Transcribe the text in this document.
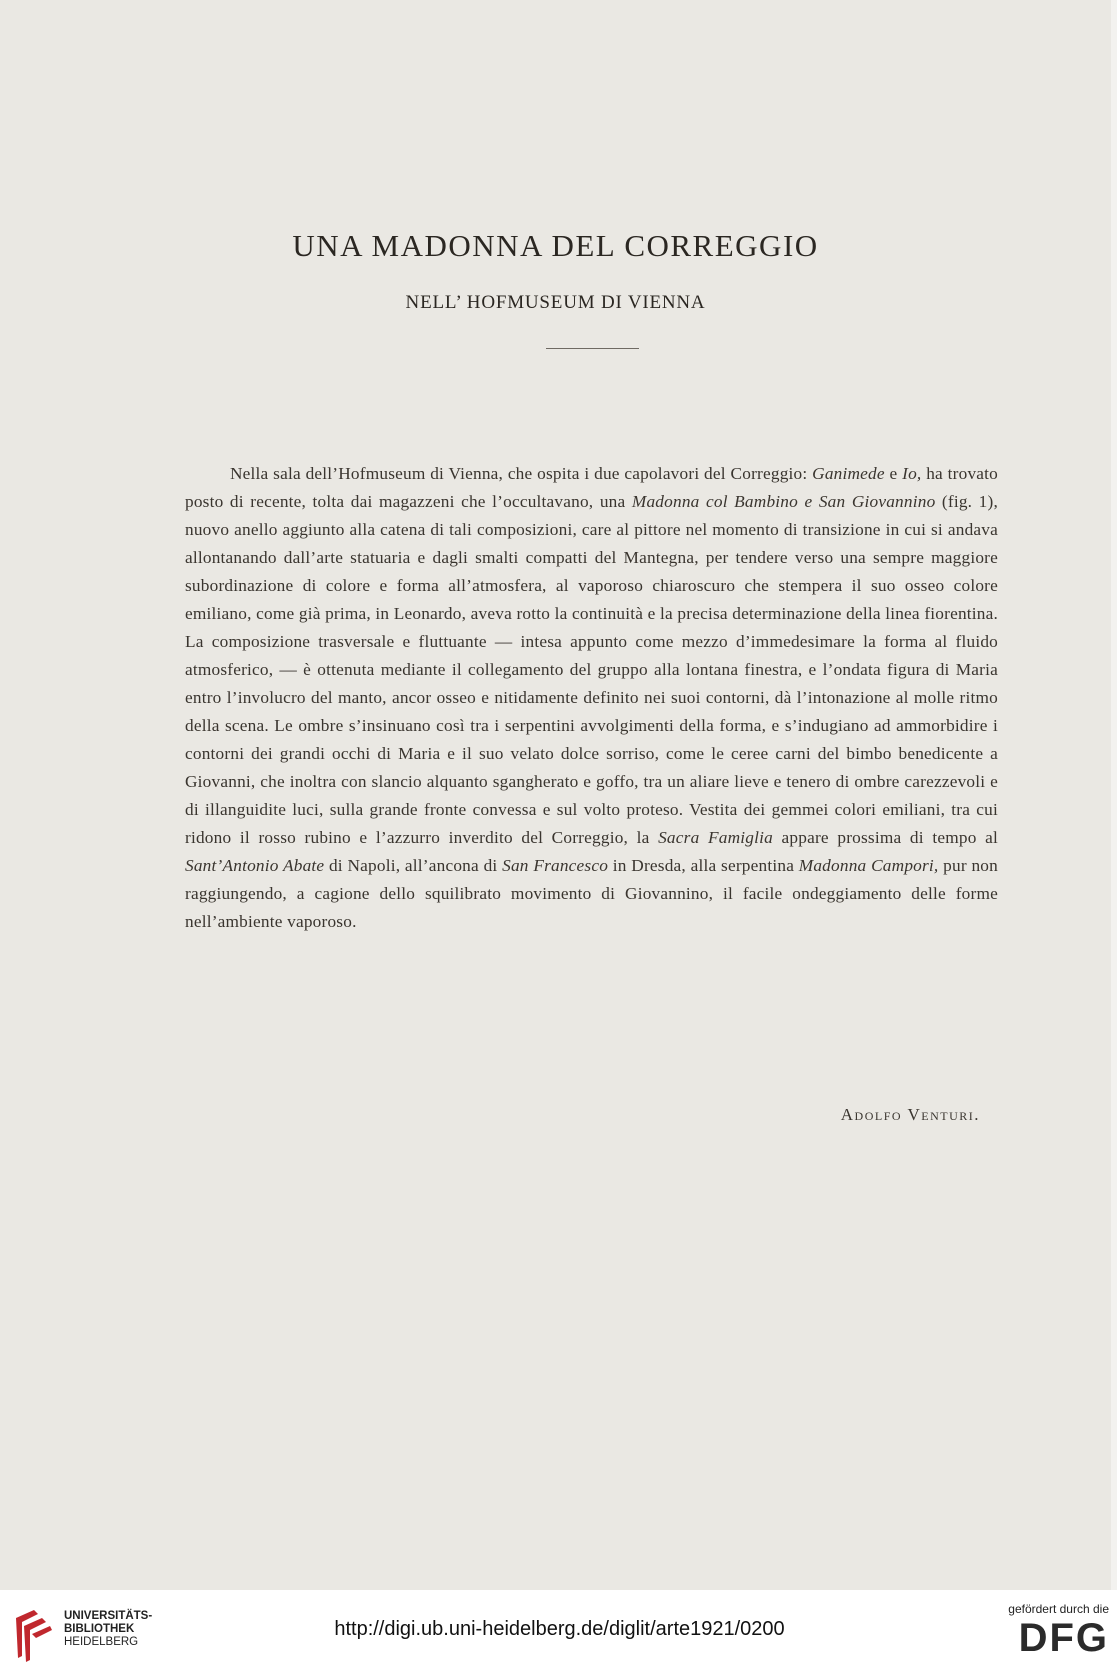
UNA MADONNA DEL CORREGGIO
NELL’ HOFMUSEUM DI VIENNA

Nella sala dell’Hofmuseum di Vienna, che ospita i due capolavori del Correggio: Ganimede e Io, ha trovato posto di recente, tolta dai magazzeni che l’occultavano, una Madonna col Bambino e San Giovannino (fig. 1), nuovo anello aggiunto alla catena di tali composizioni, care al pittore nel momento di transizione in cui si andava allontanando dall’arte statuaria e dagli smalti compatti del Mantegna, per tendere verso una sempre maggiore subordinazione di colore e forma all’atmosfera, al vaporoso chiaroscuro che stempera il suo osseo colore emiliano, come già prima, in Leonardo, aveva rotto la continuità e la precisa determinazione della linea fiorentina. La composizione trasversale e fluttuante — intesa appunto come mezzo d’immedesimare la forma al fluido atmosferico, — è ottenuta mediante il collegamento del gruppo alla lontana finestra, e l’ondata figura di Maria entro l’involucro del manto, ancor osseo e nitidamente definito nei suoi contorni, dà l’intonazione al molle ritmo della scena. Le ombre s’insinuano così tra i serpentini avvolgimenti della forma, e s’indugiano ad ammorbidire i contorni dei grandi occhi di Maria e il suo velato dolce sorriso, come le ceree carni del bimbo benedicente a Giovanni, che inoltra con slancio alquanto sgangherato e goffo, tra un aliare lieve e tenero di ombre carezzevoli e di illanguidite luci, sulla grande fronte convessa e sul volto proteso. Vestita dei gemmei colori emiliani, tra cui ridono il rosso rubino e l’azzurro inverdito del Correggio, la Sacra Famiglia appare prossima di tempo al Sant’Antonio Abate di Napoli, all’ancona di San Francesco in Dresda, alla serpentina Madonna Campori, pur non raggiungendo, a cagione dello squilibrato movimento di Giovannino, il facile ondeggiamento delle forme nell’ambiente vaporoso.

Adolfo Venturi.
UNIVERSITÄTS-
BIBLIOTHEK
HEIDELBERG
http://digi.ub.uni-heidelberg.de/diglit/arte1921/0200
gefördert durch die
DFG
